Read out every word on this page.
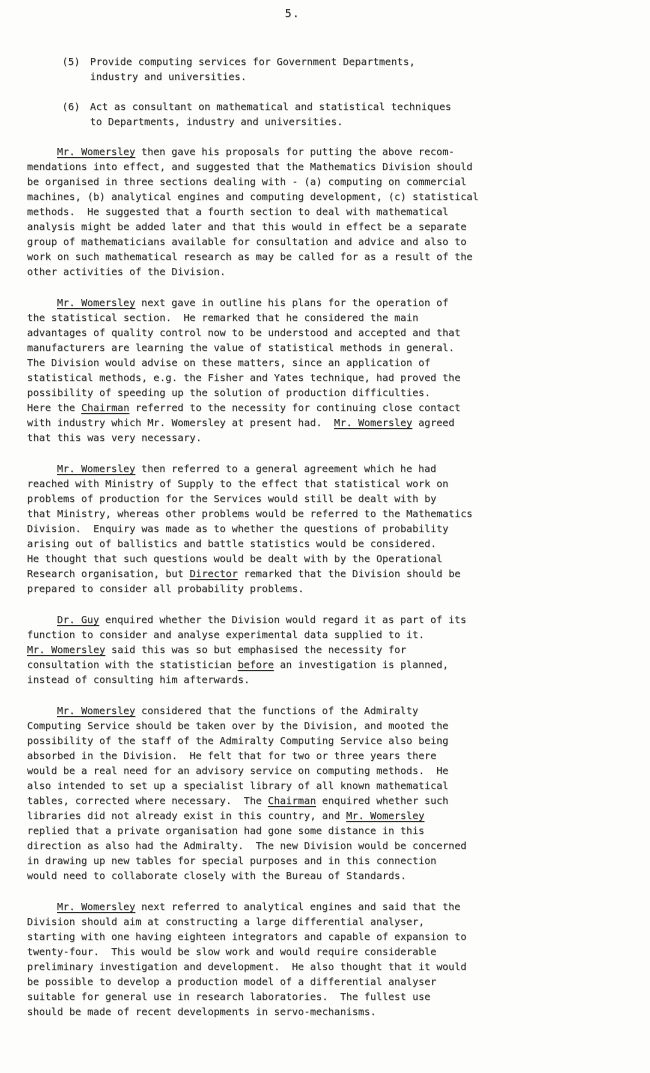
5.
(5) Provide computing services for Government Departments,
industry and universities.
(6) Act as consultant on mathematical and statistical techniques
to Departments, industry and universities.
Mr. Womersley then gave his proposals for putting the above recom-
mendations into effect, and suggested that the Mathematics Division should
be organised in three sections dealing with - (a) computing on commercial
machines, (b) analytical engines and computing development, (c) statistical
methods.  He suggested that a fourth section to deal with mathematical
analysis might be added later and that this would in effect be a separate
group of mathematicians available for consultation and advice and also to
work on such mathematical research as may be called for as a result of the
other activities of the Division.
Mr. Womersley next gave in outline his plans for the operation of
the statistical section.  He remarked that he considered the main
advantages of quality control now to be understood and accepted and that
manufacturers are learning the value of statistical methods in general.
The Division would advise on these matters, since an application of
statistical methods, e.g. the Fisher and Yates technique, had proved the
possibility of speeding up the solution of production difficulties.
Here the Chairman referred to the necessity for continuing close contact
with industry which Mr. Womersley at present had.  Mr. Womersley agreed
that this was very necessary.
Mr. Womersley then referred to a general agreement which he had
reached with Ministry of Supply to the effect that statistical work on
problems of production for the Services would still be dealt with by
that Ministry, whereas other problems would be referred to the Mathematics
Division.  Enquiry was made as to whether the questions of probability
arising out of ballistics and battle statistics would be considered.
He thought that such questions would be dealt with by the Operational
Research organisation, but Director remarked that the Division should be
prepared to consider all probability problems.
Dr. Guy enquired whether the Division would regard it as part of its
function to consider and analyse experimental data supplied to it.
Mr. Womersley said this was so but emphasised the necessity for
consultation with the statistician before an investigation is planned,
instead of consulting him afterwards.
Mr. Womersley considered that the functions of the Admiralty
Computing Service should be taken over by the Division, and mooted the
possibility of the staff of the Admiralty Computing Service also being
absorbed in the Division.  He felt that for two or three years there
would be a real need for an advisory service on computing methods.  He
also intended to set up a specialist library of all known mathematical
tables, corrected where necessary.  The Chairman enquired whether such
libraries did not already exist in this country, and Mr. Womersley
replied that a private organisation had gone some distance in this
direction as also had the Admiralty.  The new Division would be concerned
in drawing up new tables for special purposes and in this connection
would need to collaborate closely with the Bureau of Standards.
Mr. Womersley next referred to analytical engines and said that the
Division should aim at constructing a large differential analyser,
starting with one having eighteen integrators and capable of expansion to
twenty-four.  This would be slow work and would require considerable
preliminary investigation and development.  He also thought that it would
be possible to develop a production model of a differential analyser
suitable for general use in research laboratories.  The fullest use
should be made of recent developments in servo-mechanisms.
